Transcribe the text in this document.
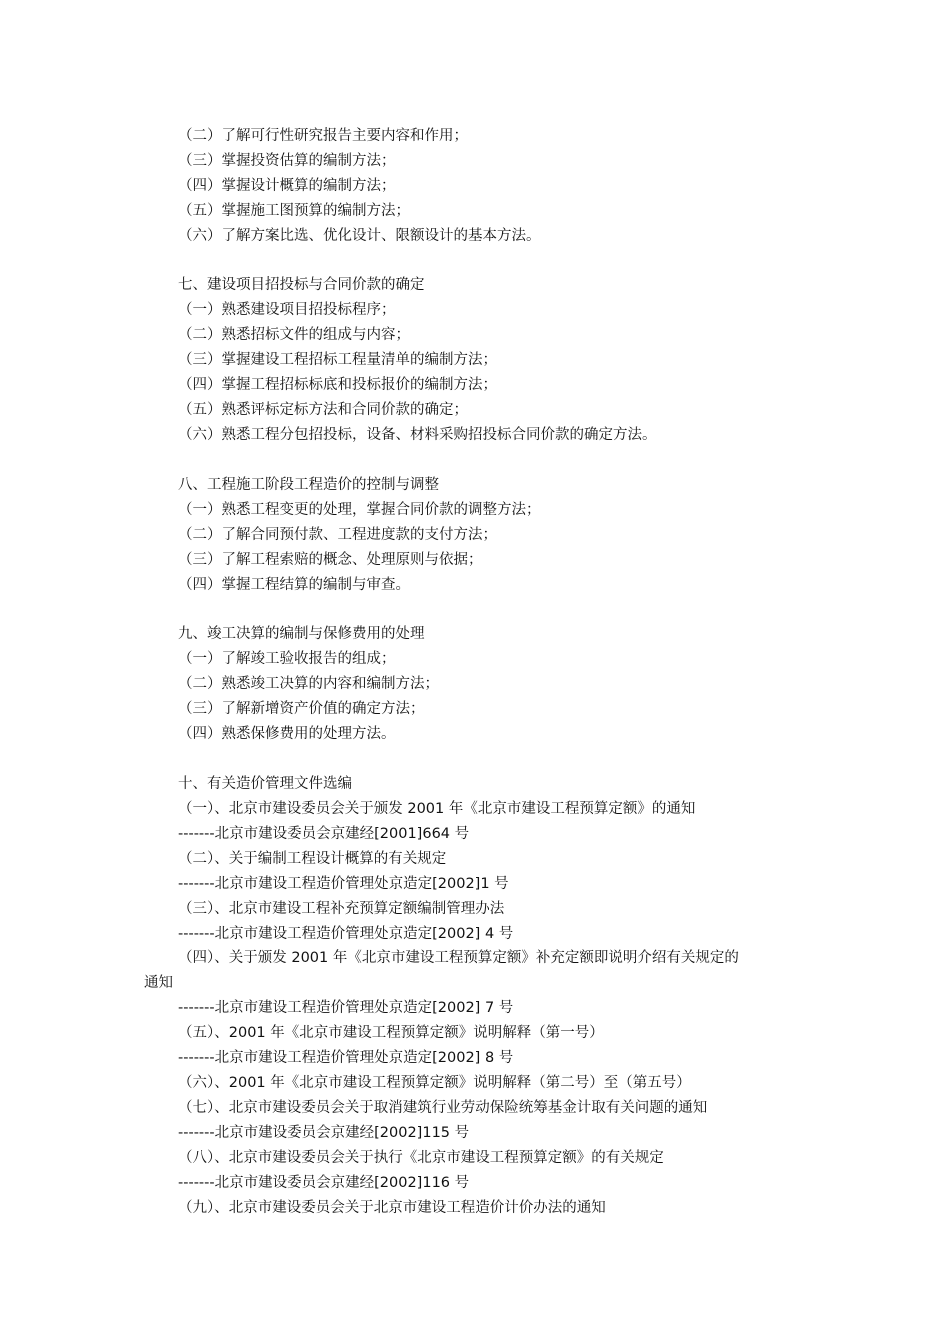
（二）了解可行性研究报告主要内容和作用；
（三）掌握投资估算的编制方法；
（四）掌握设计概算的编制方法；
（五）掌握施工图预算的编制方法；
（六）了解方案比选、优化设计、限额设计的基本方法。
七、建设项目招投标与合同价款的确定
（一）熟悉建设项目招投标程序；
（二）熟悉招标文件的组成与内容；
（三）掌握建设工程招标工程量清单的编制方法；
（四）掌握工程招标标底和投标报价的编制方法；
（五）熟悉评标定标方法和合同价款的确定；
（六）熟悉工程分包招投标，设备、材料采购招投标合同价款的确定方法。
八、工程施工阶段工程造价的控制与调整
（一）熟悉工程变更的处理，掌握合同价款的调整方法；
（二）了解合同预付款、工程进度款的支付方法；
（三）了解工程索赔的概念、处理原则与依据；
（四）掌握工程结算的编制与审查。
九、竣工决算的编制与保修费用的处理
（一）了解竣工验收报告的组成；
（二）熟悉竣工决算的内容和编制方法；
（三）了解新增资产价值的确定方法；
（四）熟悉保修费用的处理方法。
十、有关造价管理文件选编
（一）、北京市建设委员会关于颁发 2001 年《北京市建设工程预算定额》的通知
-------北京市建设委员会京建经[2001]664 号
（二）、关于编制工程设计概算的有关规定
-------北京市建设工程造价管理处京造定[2002]1 号
（三）、北京市建设工程补充预算定额编制管理办法
-------北京市建设工程造价管理处京造定[2002] 4 号
（四）、关于颁发 2001 年《北京市建设工程预算定额》补充定额即说明介绍有关规定的
通知
-------北京市建设工程造价管理处京造定[2002] 7 号
（五）、2001 年《北京市建设工程预算定额》说明解释（第一号）
-------北京市建设工程造价管理处京造定[2002] 8 号
（六）、2001 年《北京市建设工程预算定额》说明解释（第二号）至（第五号）
（七）、北京市建设委员会关于取消建筑行业劳动保险统筹基金计取有关问题的通知
-------北京市建设委员会京建经[2002]115 号
（八）、北京市建设委员会关于执行《北京市建设工程预算定额》的有关规定
-------北京市建设委员会京建经[2002]116 号
（九）、北京市建设委员会关于北京市建设工程造价计价办法的通知
